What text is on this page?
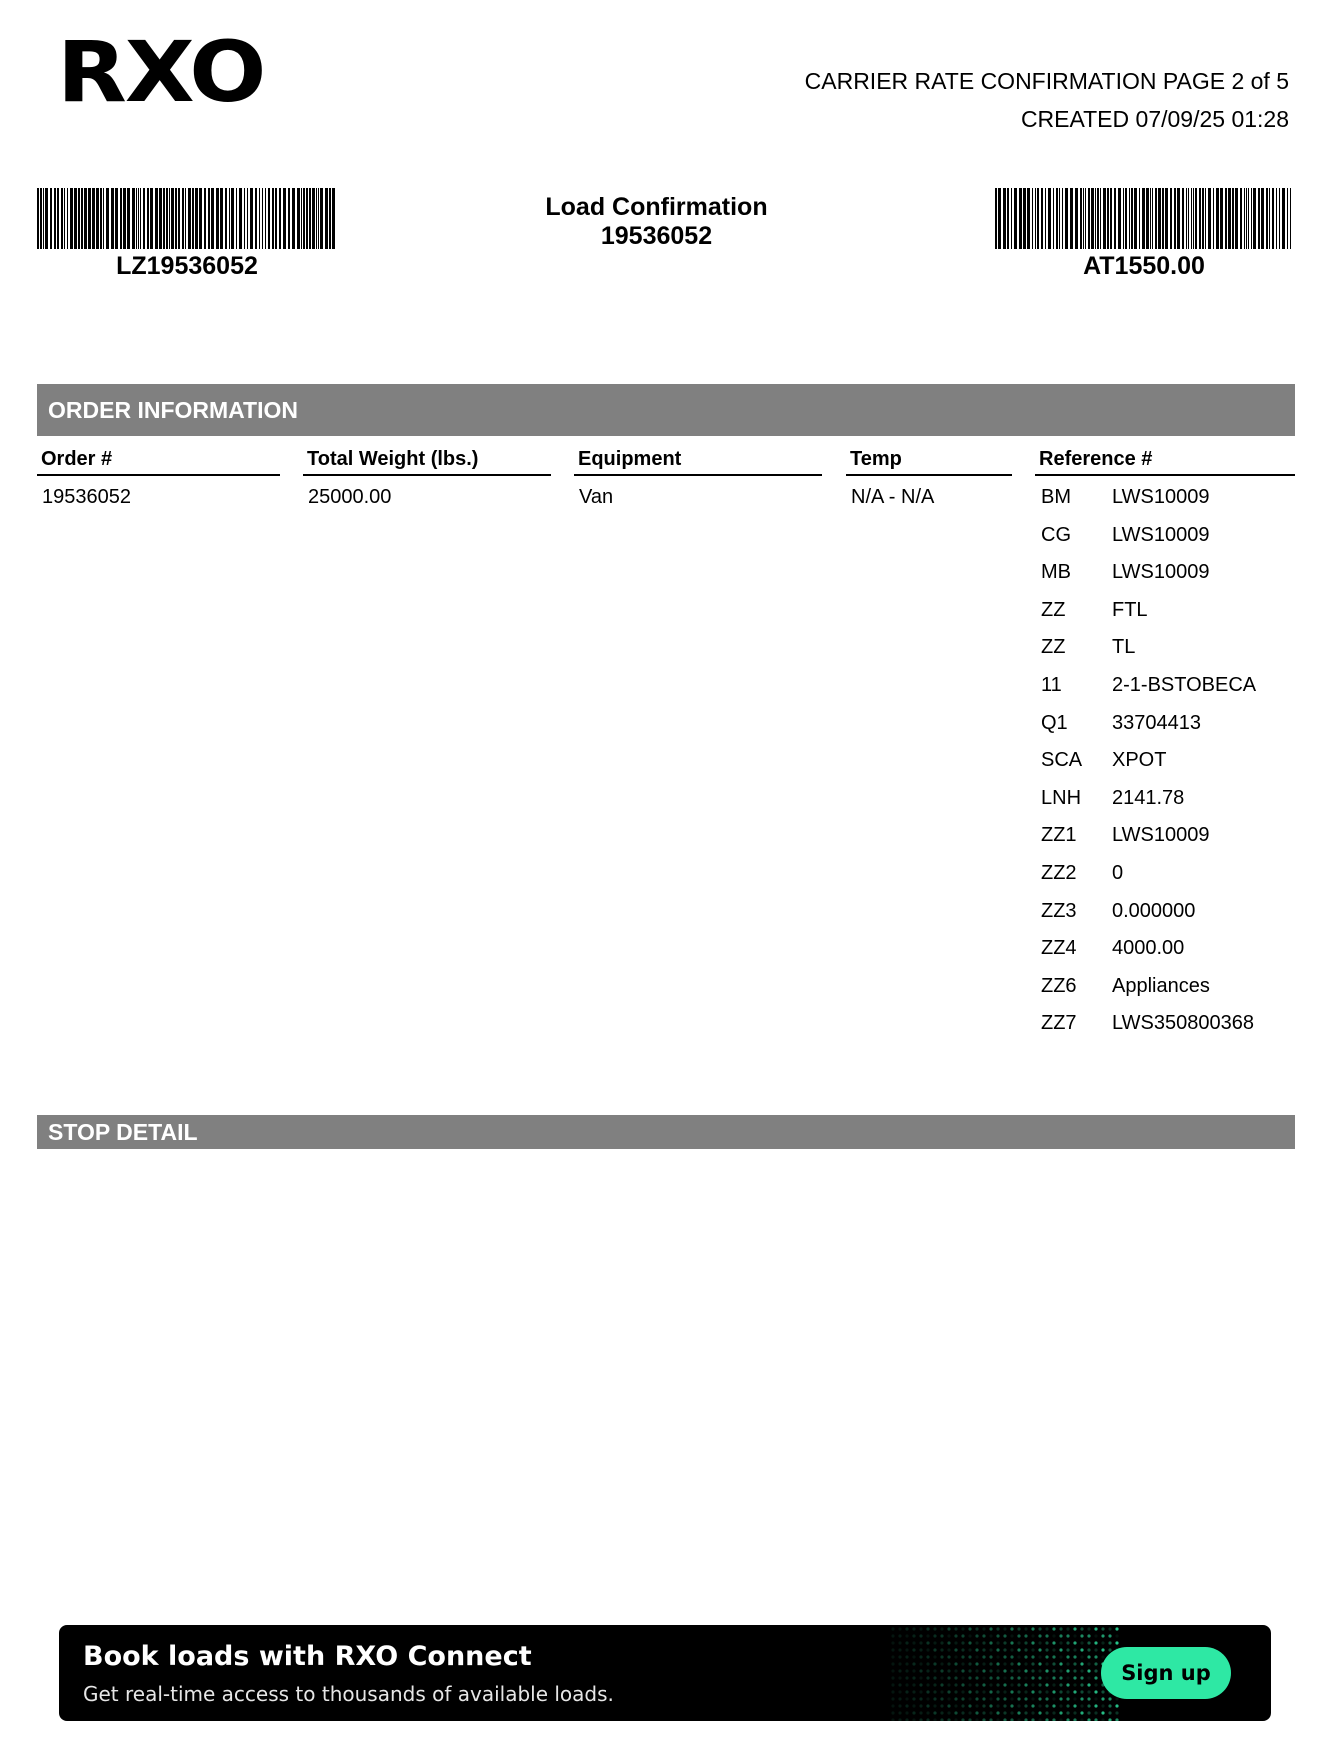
RXO	CARRIER RATE CONFIRMATION PAGE 2 of 5
CREATED 07/09/25 01:28
LZ19536052
Load Confirmation
19536052
AT1550.00
ORDER INFORMATION
Order #	Total Weight (lbs.)	Equipment	Temp	Reference #
19536052	25000.00	Van	N/A - N/A	BM	LWS10009
CG	LWS10009
MB	LWS10009
ZZ	FTL
ZZ	TL
11	2-1-BSTOBECA
Q1	33704413
SCA	XPOT
LNH	2141.78
ZZ1	LWS10009
ZZ2	0
ZZ3	0.000000
ZZ4	4000.00
ZZ6	Appliances
ZZ7	LWS350800368
STOP DETAIL
Book loads with RXO Connect
Get real-time access to thousands of available loads.
Sign up
